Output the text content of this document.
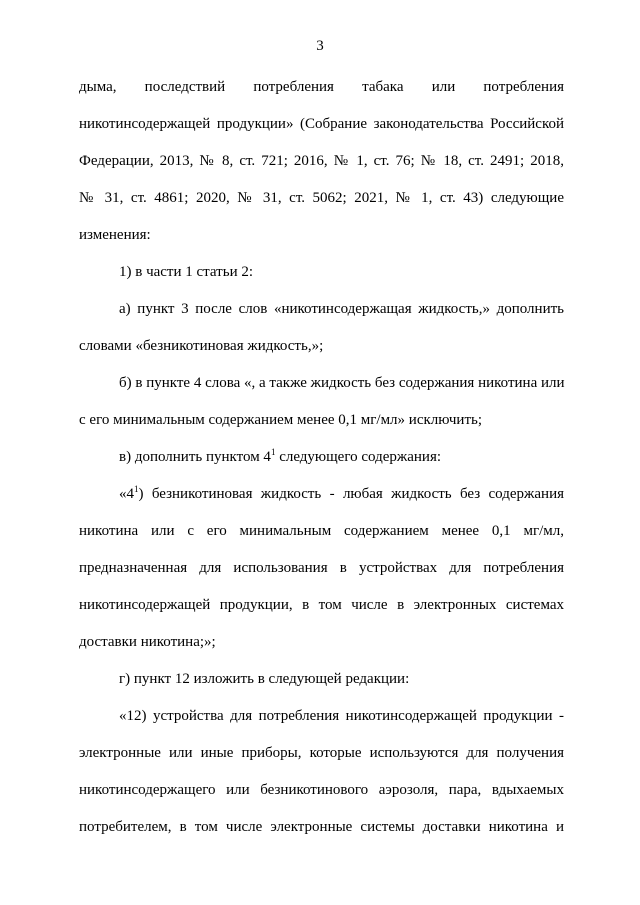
3
дыма, последствий потребления табака или потребления
никотинсодержащей продукции» (Собрание законодательства Российской
Федерации, 2013, № 8, ст. 721; 2016, № 1, ст. 76; № 18, ст. 2491; 2018,
№ 31, ст. 4861; 2020, № 31, ст. 5062; 2021, № 1, ст. 43) следующие
изменения:
1) в части 1 статьи 2:
а) пункт 3 после слов «никотинсодержащая жидкость,» дополнить
словами «безникотиновая жидкость,»;
б) в пункте 4 слова «, а также жидкость без содержания никотина или
с его минимальным содержанием менее 0,1 мг/мл» исключить;
в) дополнить пунктом $4^1$ следующего содержания:
«$4^1$) безникотиновая жидкость - любая жидкость без содержания
никотина или с его минимальным содержанием менее 0,1 мг/мл,
предназначенная для использования в устройствах для потребления
никотинсодержащей продукции, в том числе в электронных системах
доставки никотина;»;
г) пункт 12 изложить в следующей редакции:
«12) устройства для потребления никотинсодержащей продукции -
электронные или иные приборы, которые используются для получения
никотинсодержащего или безникотинового аэрозоля, пара, вдыхаемых
потребителем, в том числе электронные системы доставки никотина и
